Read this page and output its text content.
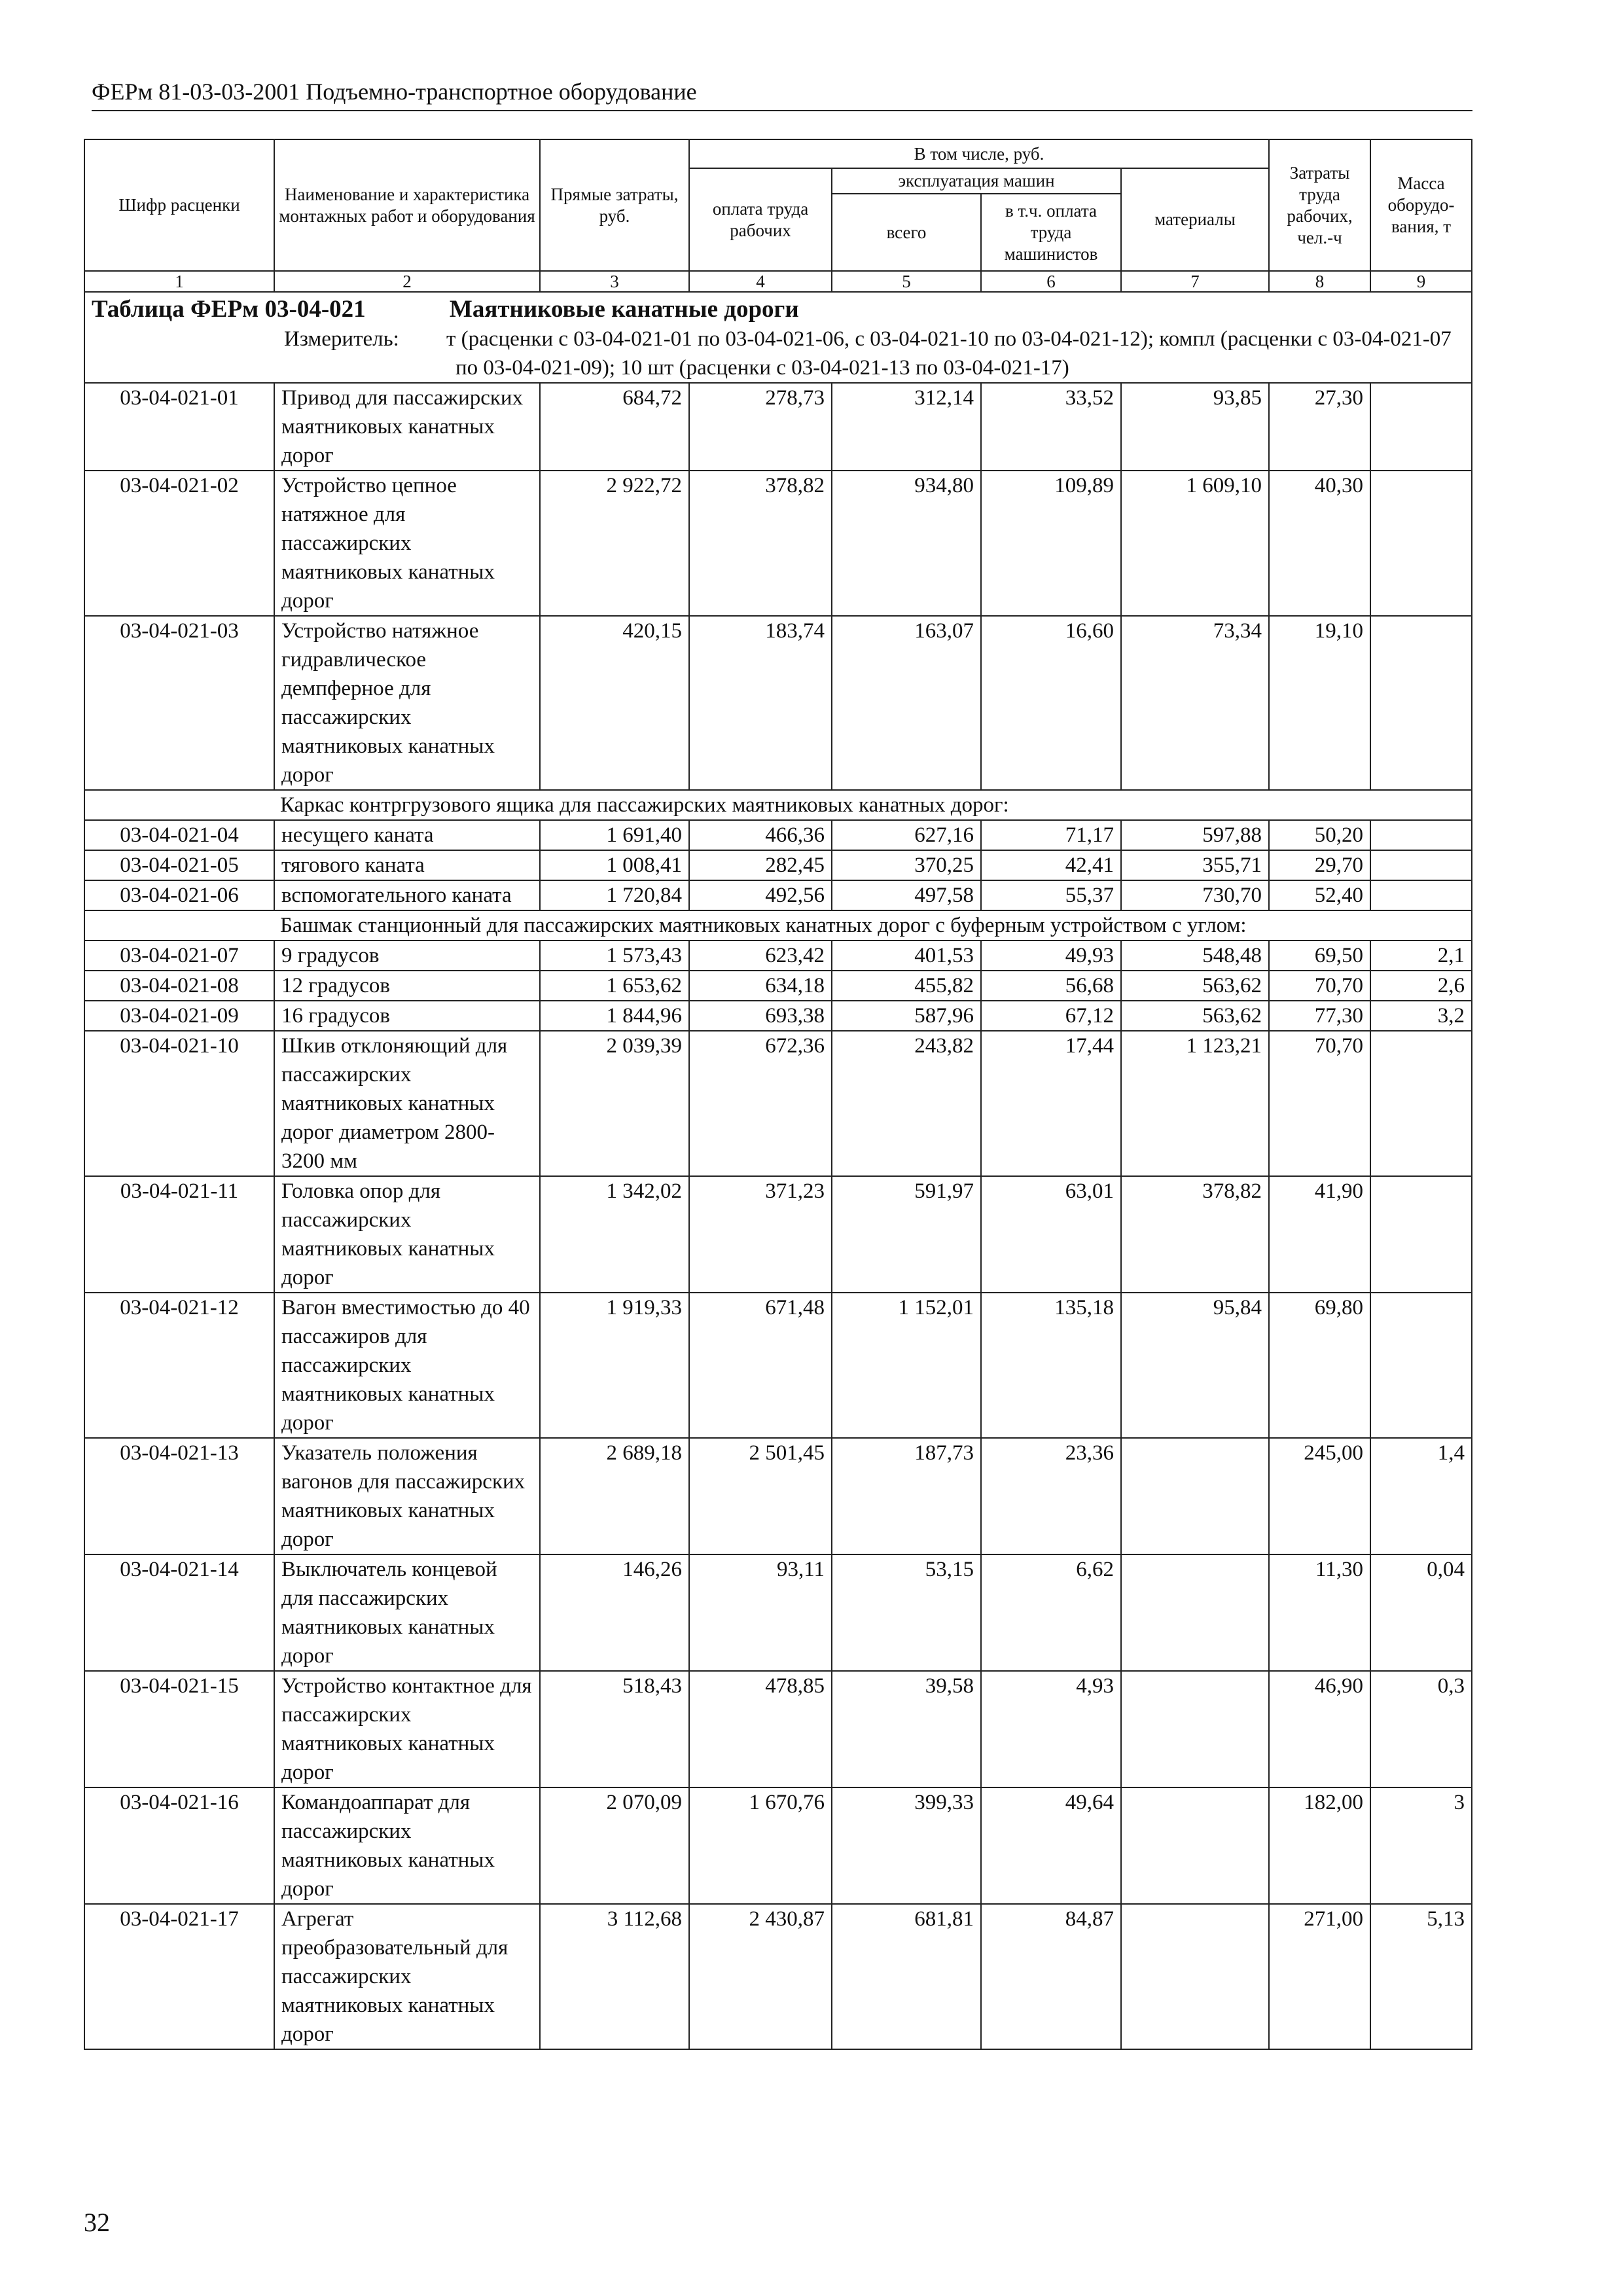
ФЕРм 81-03-03-2001 Подъемно-транспортное оборудование
Шифр расценки	Наименование и характеристика монтажных работ и оборудования	Прямые затраты, руб.	В том числе, руб.				Затраты труда рабочих, чел.-ч	Масса оборудо-вания, т
			оплата труда рабочих	эксплуатация машин		материалы		
				всего	в т.ч. оплата труда машинистов			
1	2	3	4	5	6	7	8	9
Таблица ФЕРм 03-04-021 Маятниковые канатные дороги
Измеритель: т (расценки с 03-04-021-01 по 03-04-021-06, с 03-04-021-10 по 03-04-021-12); компл (расценки с 03-04-021-07 по 03-04-021-09); 10 шт (расценки с 03-04-021-13 по 03-04-021-17)								

03-04-021-01	Привод для пассажирских маятниковых канатных дорог	684,72	278,73	312,14	33,52	93,85	27,30	
03-04-021-02	Устройство цепное натяжное для пассажирских маятниковых канатных дорог	2 922,72	378,82	934,80	109,89	1 609,10	40,30	
03-04-021-03	Устройство натяжное гидравлическое демпферное для пассажирских маятниковых канатных дорог	420,15	183,74	163,07	16,60	73,34	19,10	
Каркас контргрузового ящика для пассажирских маятниковых канатных дорог:								
03-04-021-04	несущего каната	1 691,40	466,36	627,16	71,17	597,88	50,20	
03-04-021-05	тягового каната	1 008,41	282,45	370,25	42,41	355,71	29,70	
03-04-021-06	вспомогательного каната	1 720,84	492,56	497,58	55,37	730,70	52,40	
Башмак станционный для пассажирских маятниковых канатных дорог с буферным устройством с углом:								
03-04-021-07	9 градусов	1 573,43	623,42	401,53	49,93	548,48	69,50	2,1
03-04-021-08	12 градусов	1 653,62	634,18	455,82	56,68	563,62	70,70	2,6
03-04-021-09	16 градусов	1 844,96	693,38	587,96	67,12	563,62	77,30	3,2
03-04-021-10	Шкив отклоняющий для пассажирских маятниковых канатных дорог диаметром 2800-3200 мм	2 039,39	672,36	243,82	17,44	1 123,21	70,70	
03-04-021-11	Головка опор для пассажирских маятниковых канатных дорог	1 342,02	371,23	591,97	63,01	378,82	41,90	
03-04-021-12	Вагон вместимостью до 40 пассажиров для пассажирских маятниковых канатных дорог	1 919,33	671,48	1 152,01	135,18	95,84	69,80	
03-04-021-13	Указатель положения вагонов для пассажирских маятниковых канатных дорог	2 689,18	2 501,45	187,73	23,36		245,00	1,4
03-04-021-14	Выключатель концевой для пассажирских маятниковых канатных дорог	146,26	93,11	53,15	6,62		11,30	0,04
03-04-021-15	Устройство контактное для пассажирских маятниковых канатных дорог	518,43	478,85	39,58	4,93		46,90	0,3
03-04-021-16	Командоаппарат для пассажирских маятниковых канатных дорог	2 070,09	1 670,76	399,33	49,64		182,00	3
03-04-021-17	Агрегат преобразовательный для пассажирских маятниковых канатных дорог	3 112,68	2 430,87	681,81	84,87		271,00	5,13
32
